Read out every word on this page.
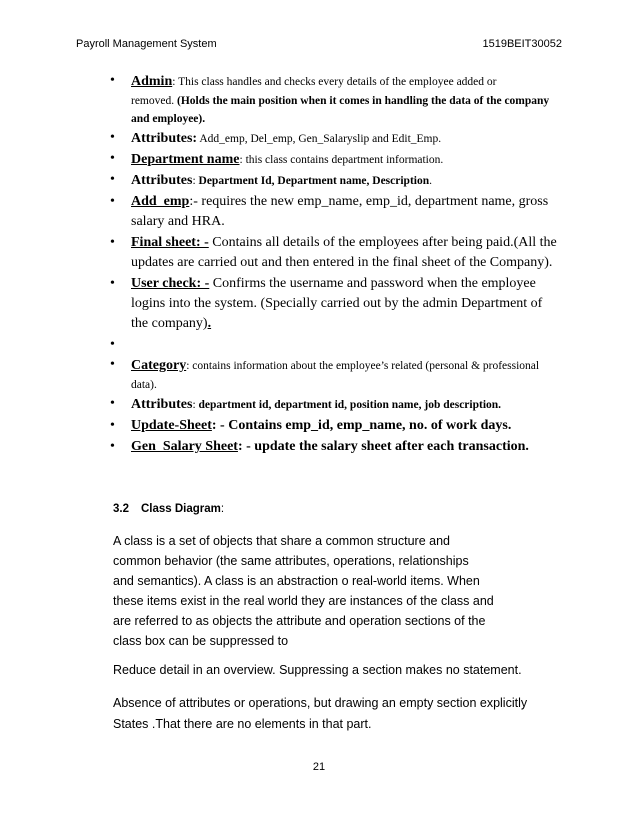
Payroll Management System	1519BEIT30052
• Admin: This class handles and checks every details of the employee added or
removed. (Holds the main position when it comes in handling the data of the company and employee).
• Attributes: Add_emp, Del_emp, Gen_Salaryslip and Edit_Emp.
• Department name: this class contains department information.
• Attributes: Department Id, Department name, Description.
• Add_emp:- requires the new emp_name, emp_id, department name, gross salary and HRA.
• Final sheet: - Contains all details of the employees after being paid.(All the updates are carried out and then entered in the final sheet of the Company).
• User check: - Confirms the username and password when the employee logins into the system. (Specially carried out by the admin Department of the company).
•
• Category: contains information about the employee’s related (personal & professional data).
• Attributes: department id, department id, position name, job description.
• Update-Sheet: - Contains emp_id, emp_name, no. of work days.
• Gen_Salary Sheet: - update the salary sheet after each transaction.
3.2 Class Diagram:
A class is a set of objects that share a common structure and
common behavior (the same attributes, operations, relationships
and semantics). A class is an abstraction o real-world items. When
these items exist in the real world they are instances of the class and
are referred to as objects the attribute and operation sections of the
class box can be suppressed to
Reduce detail in an overview. Suppressing a section makes no statement.
Absence of attributes or operations, but drawing an empty section explicitly
States .That there are no elements in that part.
21
